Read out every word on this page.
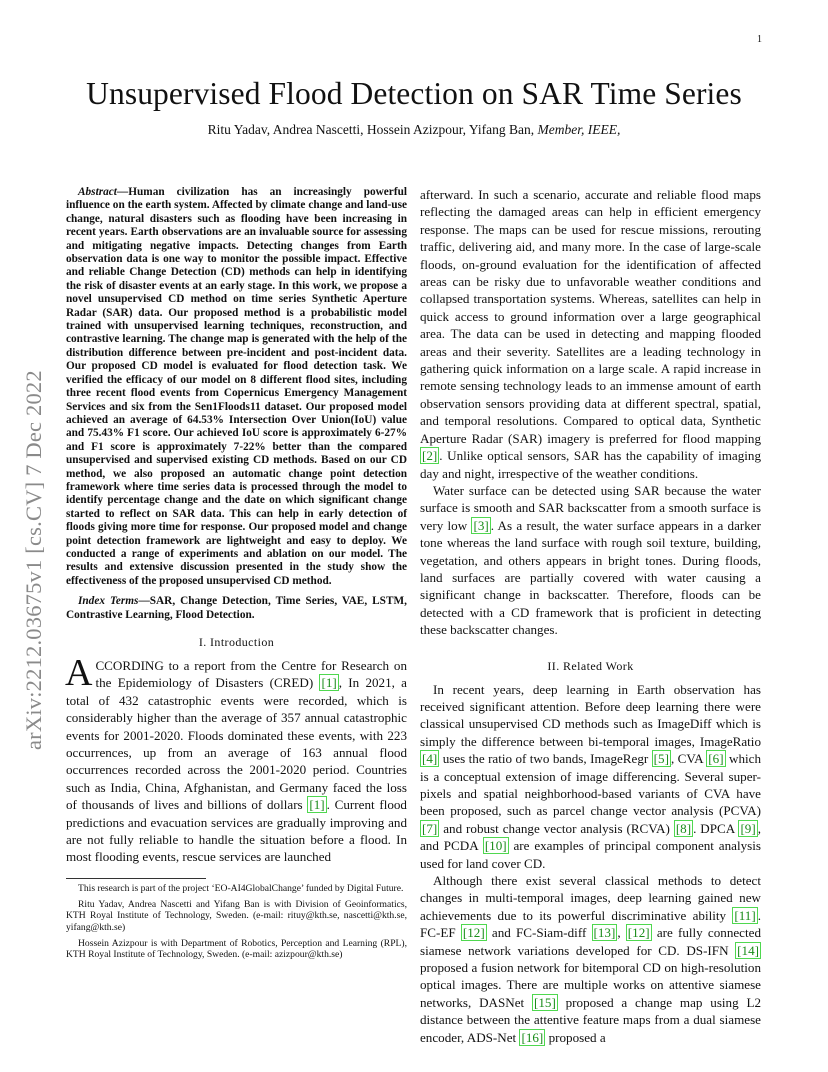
1
arXiv:2212.03675v1 [cs.CV] 7 Dec 2022
Unsupervised Flood Detection on SAR Time Series
Ritu Yadav, Andrea Nascetti, Hossein Azizpour, Yifang Ban, Member, IEEE,

Abstract—Human civilization has an increasingly powerful influence on the earth system. Affected by climate change and land-use change, natural disasters such as flooding have been increasing in recent years. Earth observations are an invaluable source for assessing and mitigating negative impacts. Detecting changes from Earth observation data is one way to monitor the possible impact. Effective and reliable Change Detection (CD) methods can help in identifying the risk of disaster events at an early stage. In this work, we propose a novel unsupervised CD method on time series Synthetic Aperture Radar (SAR) data. Our proposed method is a probabilistic model trained with unsupervised learning techniques, reconstruction, and contrastive learning. The change map is generated with the help of the distribution difference between pre-incident and post-incident data. Our proposed CD model is evaluated for flood detection task. We verified the efficacy of our model on 8 different flood sites, including three recent flood events from Copernicus Emergency Management Services and six from the Sen1Floods11 dataset. Our proposed model achieved an average of 64.53% Intersection Over Union(IoU) value and 75.43% F1 score. Our achieved IoU score is approximately 6-27% and F1 score is approximately 7-22% better than the compared unsupervised and supervised existing CD methods. Based on our CD method, we also proposed an automatic change point detection framework where time series data is processed through the model to identify percentage change and the date on which significant change started to reflect on SAR data. This can help in early detection of floods giving more time for response. Our proposed model and change point detection framework are lightweight and easy to deploy. We conducted a range of experiments and ablation on our model. The results and extensive discussion presented in the study show the effectiveness of the proposed unsupervised CD method.

Index Terms—SAR, Change Detection, Time Series, VAE, LSTM, Contrastive Learning, Flood Detection.

I. Introduction

ACCORDING to a report from the Centre for Research on the Epidemiology of Disasters (CRED) [1] , In 2021, a total of 432 catastrophic events were recorded, which is considerably higher than the average of 357 annual catastrophic events for 2001-2020. Floods dominated these events, with 223 occurrences, up from an average of 163 annual flood occurrences recorded across the 2001-2020 period. Countries such as India, China, Afghanistan, and Germany faced the loss of thousands of lives and billions of dollars [1] . Current flood predictions and evacuation services are gradually improving and are not fully reliable to handle the situation before a flood. In most flooding events, rescue services are launched

This research is part of the project ‘EO-AI4GlobalChange’ funded by Digital Future.

Ritu Yadav, Andrea Nascetti and Yifang Ban is with Division of Geoinformatics, KTH Royal Institute of Technology, Sweden. (e-mail: rituy@kth.se, nascetti@kth.se, yifang@kth.se)

Hossein Azizpour is with Department of Robotics, Perception and Learning (RPL), KTH Royal Institute of Technology, Sweden. (e-mail: azizpour@kth.se)

afterward. In such a scenario, accurate and reliable flood maps reflecting the damaged areas can help in efficient emergency response. The maps can be used for rescue missions, rerouting traffic, delivering aid, and many more. In the case of large-scale floods, on-ground evaluation for the identification of affected areas can be risky due to unfavorable weather conditions and collapsed transportation systems. Whereas, satellites can help in quick access to ground information over a large geographical area. The data can be used in detecting and mapping flooded areas and their severity. Satellites are a leading technology in gathering quick information on a large scale. A rapid increase in remote sensing technology leads to an immense amount of earth observation sensors providing data at different spectral, spatial, and temporal resolutions. Compared to optical data, Synthetic Aperture Radar (SAR) imagery is preferred for flood mapping [2] . Unlike optical sensors, SAR has the capability of imaging day and night, irrespective of the weather conditions.

Water surface can be detected using SAR because the water surface is smooth and SAR backscatter from a smooth surface is very low [3] . As a result, the water surface appears in a darker tone whereas the land surface with rough soil texture, building, vegetation, and others appears in bright tones. During floods, land surfaces are partially covered with water causing a significant change in backscatter. Therefore, floods can be detected with a CD framework that is proficient in detecting these backscatter changes.

II. Related Work

In recent years, deep learning in Earth observation has received significant attention. Before deep learning there were classical unsupervised CD methods such as ImageDiff which is simply the difference between bi-temporal images, ImageRatio [4] uses the ratio of two bands, ImageRegr [5] , CVA [6] which is a conceptual extension of image differencing. Several super-pixels and spatial neighborhood-based variants of CVA have been proposed, such as parcel change vector analysis (PCVA) [7] and robust change vector analysis (RCVA) [8] . DPCA [9] , and PCDA [10] are examples of principal component analysis used for land cover CD.

Although there exist several classical methods to detect changes in multi-temporal images, deep learning gained new achievements due to its powerful discriminative ability [11] . FC-EF [12] and FC-Siam-diff [13] , [12] are fully connected siamese network variations developed for CD. DS-IFN [14] proposed a fusion network for bitemporal CD on high-resolution optical images. There are multiple works on attentive siamese networks, DASNet [15] proposed a change map using L2 distance between the attentive feature maps from a dual siamese encoder, ADS-Net [16] proposed a
